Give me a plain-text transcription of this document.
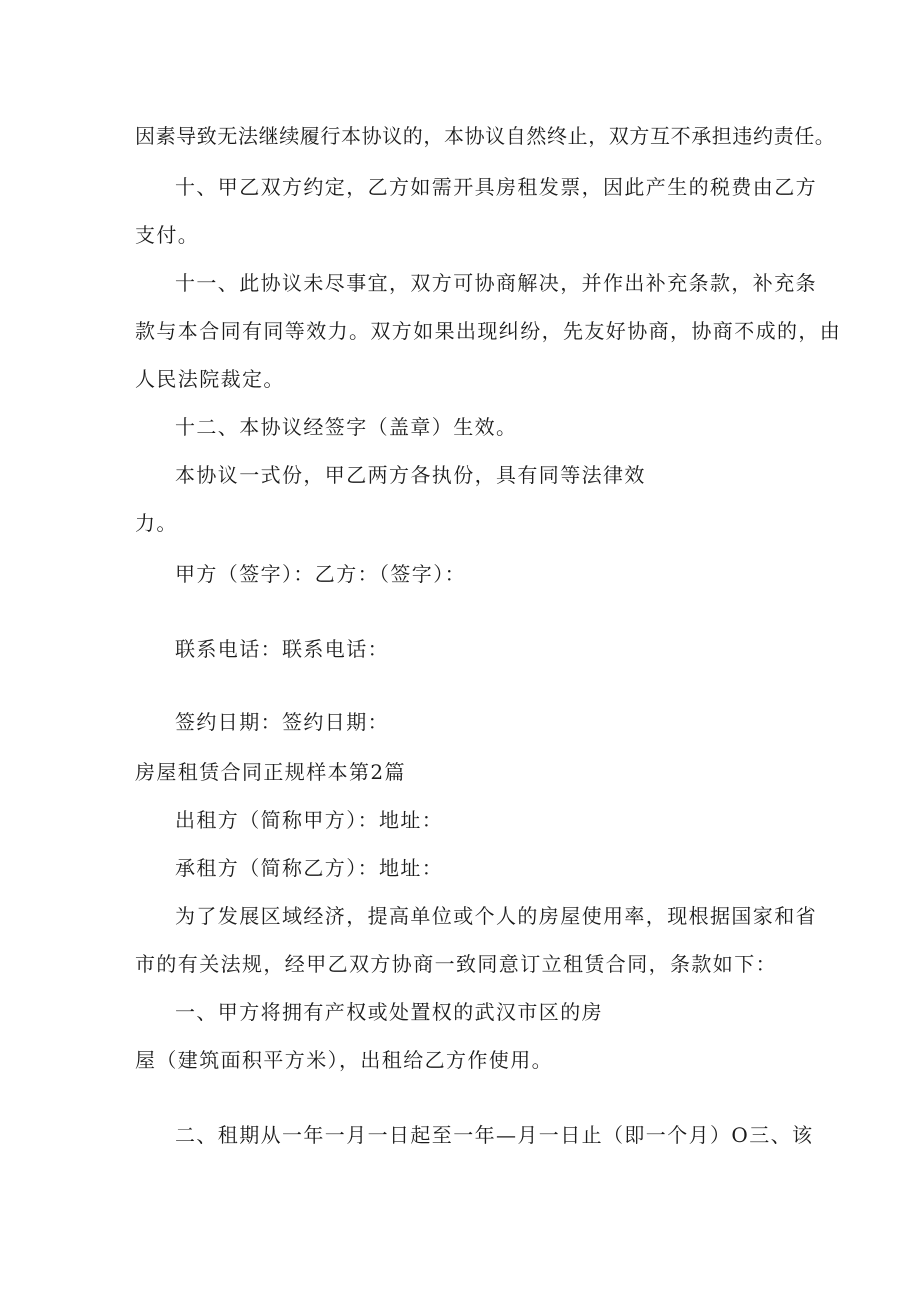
因素导致无法继续履行本协议的，本协议自然终止，双方互不承担违约责任。
十、甲乙双方约定，乙方如需开具房租发票，因此产生的税费由乙方
支付。
十一、此协议未尽事宜，双方可协商解决，并作出补充条款，补充条
款与本合同有同等效力。双方如果出现纠纷，先友好协商，协商不成的，由
人民法院裁定。
十二、本协议经签字（盖章）生效。
本协议一式份，甲乙两方各执份，具有同等法律效
力。
甲方（签字）：乙方：（签字）：
联系电话：联系电话：
签约日期：签约日期：
房屋租赁合同正规样本第2篇
出租方（简称甲方）：地址：
承租方（简称乙方）：地址：
为了发展区域经济，提高单位或个人的房屋使用率，现根据国家和省
市的有关法规，经甲乙双方协商一致同意订立租赁合同，条款如下：
一、甲方将拥有产权或处置权的武汉市区的房
屋（建筑面积平方米），出租给乙方作使用。
二、租期从一年一月一日起至一年—月一日止（即一个月）O三、该
